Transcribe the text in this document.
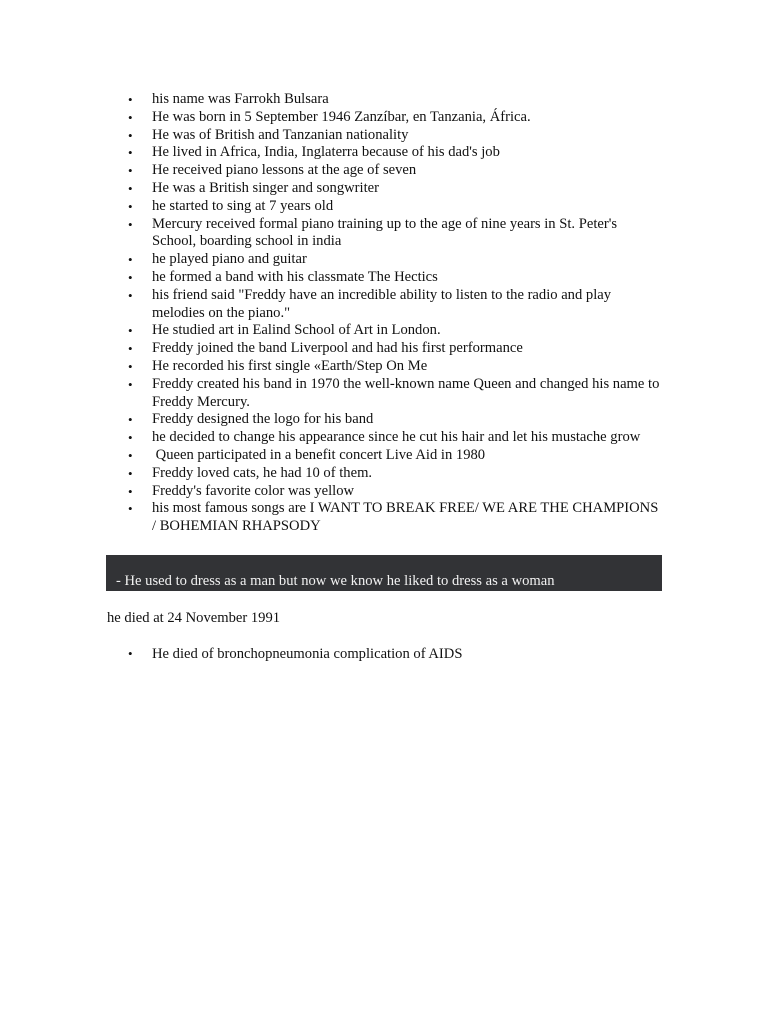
• his name was Farrokh Bulsara
• He was born in 5 September 1946 Zanzíbar, en Tanzania, África.
• He was of British and Tanzanian nationality
• He lived in Africa, India, Inglaterra because of his dad's job
• He received piano lessons at the age of seven
• He was a British singer and songwriter
• he started to sing at 7 years old
• Mercury received formal piano training up to the age of nine years in St. Peter's School, boarding school in india
• he played piano and guitar
• he formed a band with his classmate The Hectics
• his friend said "Freddy have an incredible ability to listen to the radio and play melodies on the piano."
• He studied art in Ealind School of Art in London.
• Freddy joined the band Liverpool and had his first performance
• He recorded his first single «Earth/Step On Me
• Freddy created his band in 1970 the well-known name Queen and changed his name to Freddy Mercury.
• Freddy designed the logo for his band
• he decided to change his appearance since he cut his hair and let his mustache grow
•  Queen participated in a benefit concert Live Aid in 1980
• Freddy loved cats, he had 10 of them.
• Freddy's favorite color was yellow
• his most famous songs are I WANT TO BREAK FREE/ WE ARE THE CHAMPIONS / BOHEMIAN RHAPSODY
- He used to dress as a man but now we know he liked to dress as a woman
he died at 24 November 1991
• He died of bronchopneumonia complication of AIDS
